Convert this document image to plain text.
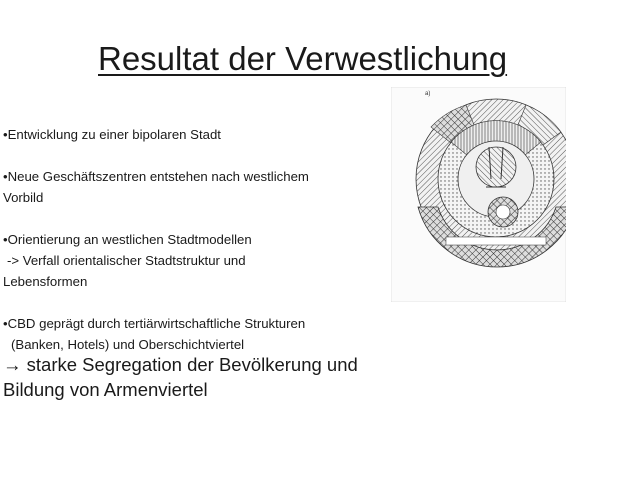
Resultat der Verwestlichung

•Entwicklung zu einer bipolaren Stadt

•Neue Geschäftszentren entstehen nach westlichem

Vorbild

•Orientierung an westlichen Stadtmodellen

-> Verfall orientalischer Stadtstruktur und

Lebensformen

•CBD geprägt durch tertiärwirtschaftliche Strukturen

(Banken, Hotels) und Oberschichtviertel

→ starke Segregation der Bevölkerung und
Bildung von Armenviertel
a)
